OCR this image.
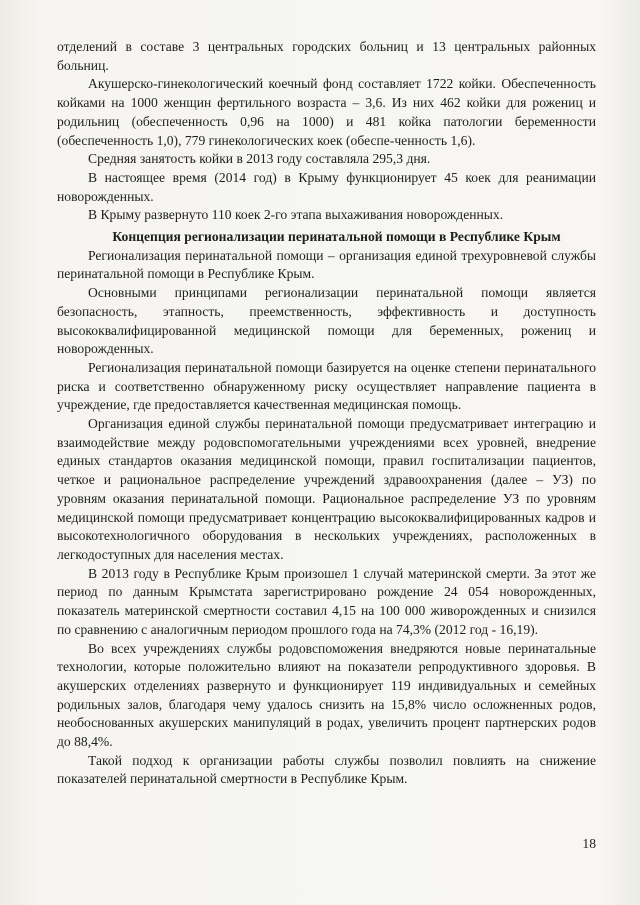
отделений в составе 3 центральных городских больниц и 13 центральных районных больниц.

Акушерско-гинекологический коечный фонд составляет 1722 койки. Обеспеченность койками на 1000 женщин фертильного возраста – 3,6. Из них 462 койки для рожениц и родильниц (обеспеченность 0,96 на 1000) и 481 койка патологии беременности (обеспеченность 1,0), 779 гинекологических коек (обеспе-ченность 1,6).

Средняя занятость койки в 2013 году составляла 295,3 дня.

В настоящее время (2014 год) в Крыму функционирует 45 коек для реанимации новорожденных.

В Крыму развернуто 110 коек 2-го этапа выхаживания новорожденных.

Концепция регионализации перинатальной помощи в Республике Крым

Регионализация перинатальной помощи – организация единой трехуровневой службы перинатальной помощи в Республике Крым.

Основными принципами регионализации перинатальной помощи является безопасность, этапность, преемственность, эффективность и доступность высококвалифицированной медицинской помощи для беременных, рожениц и новорожденных.

Регионализация перинатальной помощи базируется на оценке степени перинатального риска и соответственно обнаруженному риску осуществляет направление пациента в учреждение, где предоставляется качественная медицинская помощь.

Организация единой службы перинатальной помощи предусматривает интеграцию и взаимодействие между родовспомогательными учреждениями всех уровней, внедрение единых стандартов оказания медицинской помощи, правил госпитализации пациентов, четкое и рациональное распределение учреждений здравоохранения (далее – УЗ) по уровням оказания перинатальной помощи. Рациональное распределение УЗ по уровням медицинской помощи предусматривает концентрацию высококвалифицированных кадров и высокотехнологичного оборудования в нескольких учреждениях, расположенных в легкодоступных для населения местах.

В 2013 году в Республике Крым произошел 1 случай материнской смерти. За этот же период по данным Крымстата зарегистрировано рождение 24 054 новорожденных, показатель материнской смертности составил 4,15 на 100 000 живорожденных и снизился по сравнению с аналогичным периодом прошлого года на 74,3% (2012 год - 16,19).

Во всех учреждениях службы родовспоможения внедряются новые перинатальные технологии, которые положительно влияют на показатели репродуктивного здоровья. В акушерских отделениях развернуто и функционирует 119 индивидуальных и семейных родильных залов, благодаря чему удалось снизить на 15,8% число осложненных родов, необоснованных акушерских манипуляций в родах, увеличить процент партнерских родов до 88,4%.

Такой подход к организации работы службы позволил повлиять на снижение показателей перинатальной смертности в Республике Крым.

18
